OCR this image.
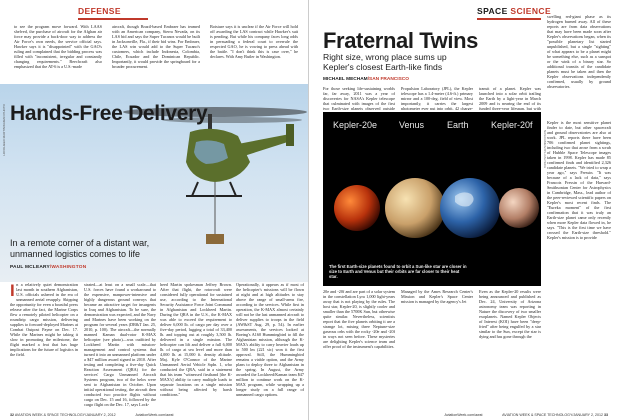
DEFENSE
to see the program move forward. With LAAS shelved, the purchase of aircraft for the Afghan air force may provide a back-door way to address the Air Force's own needs, the service official says. Hawker says it is "disappointed" with the GAO's ruling and complained that the bidding process was filled with "inconsistent, irregular and constantly changing requirements." Beechcraft also emphasized that the AT-6 is a U.S.-made
aircraft, though Brazil-based Embraer has teamed with an American company, Sierra Nevada, on its LAS bid and says the Super Tucanos would be built in Jacksonville, Fla., if their bid wins. For Embraer, the LAS win would add to the Super Tucano's customers, which include Indonesia, Colombia, Chile, Ecuador and the Dominican Republic. Importantly, it would provide the springboard for a broader procurement.
Boisture says it is unclear if the Air Force will hold off awarding the LAS contract while Hawker's suit is pending. But while his company faces long odds in persuading a federal court to overrule the respected GAO, he is vowing to press ahead with the battle. "I don't think this is case over," he declares. With Amy Butler in Washington.
LOCKHEED MARTIN/KAMAN PHOTO Hands-Free Delivery
In a remote corner of a distant war, unmanned logistics comes to life
PAUL MCLEARY/WASHINGTON
In a relatively quiet demonstration last month in southern Afghanistan, U.S. officials ushered in the era of unmanned aerial resupply. Skipping the opportunity for even a boastful press release after the fact, the Marine Corps flew a remotely piloted helicopter on a roundtrip cargo mission, delivering supplies to forward-deployed Marines at Combat Outpost Payne on Dec. 17. While the Marines might be taking it slow in promoting the milestone, the flight marked a feat that has huge implications for the future of logistics in the field.
strated—at least on a small scale—that U.S. forces have found a workaround to the expensive, manpower-intensive and highly dangerous ground convoys that became an attractive target for insurgents in Iraq and Afghanistan. To be sure, the demonstration was expected, and the Navy and Marines have been working on the program for several years (DR&T Jan. 25, 2010, p. 100). The aircraft—the normally manned Kaman dual-rotor K-MAX helicopter (see photo)—was outfitted by Lockheed Martin with mission-management and control systems that turned it into an unmanned platform under a $47 million award signed in 2010. After testing and completing a five-day Quick Reaction Assessment (QRA) for the services' Cargo Unmanned Aircraft Systems program, two of the helos were sent to Afghanistan in October. Upon initial operational testing, the aircraft then conducted two practice flights without cargo on Dec. 15 and 16, followed by the cargo flight on the Dec. 17, says Lock-
heed Martin spokesman Jeffrey Brown. After that flight, the rotorcraft were considered fully operational for sustained use, according to the International Security Assistance Force Joint Command in Afghanistan and Lockheed Martin. During the QRA in the U.S., the K-MAX was able to exceed the requirement to deliver 6,000 lb. of cargo per day over a five-day period, lugging a total of 33,400 lb. and topping out at roughly 3,500 lb. delivered in a single mission. The helicopter can lift and deliver a full 6,000 lb. of cargo at sea level and more than 4,000 lb. at 15,000 ft. density altitude. Maj. Kyle O'Connor of the Marine Unmanned Aerial Vehicle Sqdn. 1, who conducted the QRA, said in a statement that his team "witnessed firsthand [the K-MAX's] ability to carry multiple loads to separate locations on a single mission without being affected by harsh conditions."
Operationally, it appears as if most of the helicopter's missions will be flown at night and at high altitudes to stay above the range of small-arms fire, according to the services. While first in operation, the K-MAX almost certainly will not be the last unmanned aircraft to deliver supplies to troops in the field (AW&ST Aug. 29, p. 54). In earlier assessments, the services looked at Boeing's A160 Hummingbird to fill the Afghanistan mission, although the K-MAX's ability to carry heavier loads up to 500 lm (221 sic) won it the first approval. Still, the Hummingbird remains a viable option, and the Army plans to deploy three to Afghanistan in the spring. In August, the Army awarded the Lockheed/Kaman team $47 million to continue work on the K-MAX program, while wrapping up a longer study on a full range of unmanned cargo options.
32 AVIATION WEEK & SPACE TECHNOLOGY/JANUARY 2, 2012	AviationWeek.com/awst
SPACE SCIENCE
Fraternal Twins
Right size, wrong place sums up Kepler's closest Earth-like finds
MICHAEL MECHAM/SAN FRANCISCO
swelling red-giant phase as its hydrogen burned away. All of these reports are from data observations that may have been made soon after Kepler's observations began, when its "possible planetary list started unpublished, but a single "sighting" of what appears to be a planet might be something else, such as a sunspot or the wink of a binary star. So additional transits of the candidate planets must be taken and then the Kepler observations independently confirmed, usually by ground observatories.
For those seeking life-sustaining worlds far, far away, 2011 was a year of discoveries for NASA's Kepler telescope that culminated with images of the first two Earth-size planets observed outside
Propulsion Laboratory (JPL), the Kepler telescope has a 1.4-meter (4.6-ft.) primary mirror and a 100-deg. field of view. Most importantly, it carries the largest photometer ever put into orbit, 42 charge-
transit of a planet. Kepler was launched into a solar orbit trailing the Earth by a light-year in March 2009 and is nearing the end of its funded three-year lifespan, but with
Kepler-20e Venus	Earth Kepler-20f
The first Earth-size planets found to orbit a Sun-like star are closer in size to Earth and Venus but their orbits are far closer to their heat star.
NASA/AMES/JPL-CALTECH
20e and -20f and are part of a solar system in the constellation Lyra 1,000 light-years away that is not playing by the rules. The host star, Kepler-20, is slightly cooler and smaller than the 5700K Sun, but otherwise quite similar. Nevertheless, scientists report that the five planets orbiting it are a strange lot, mixing three Neptune-size gaseous orbs with the rocky -20e and -20f in ways not seen before. These mysteries are delighting Kepler's science team and offer proof of the instrument's capabilities.
Managed by the Ames Research Center's Mission and Kepler's Space Center mission is managed by the agency's Jet
Even as the Kepler-20 results were being announced and published as Dec. 24, University of Arizona astronomy team was reporting in Nature the discovery of two smaller exoplanets. Named Kepler Objects of Interest (KOI) have been "deep-fried" after being engulfed by a star similar to the Sun, except the star is dying and has gone through the
Kepler is the most sensitive planet finder to date, but other spacecraft and ground observatories are also at work. JPL reports there have been 706 confirmed planet sightings, including two that arose from a scrub of Hubble Space Telescope images taken in 1998. Kepler has made 85 confirmed finds and identified 2,326 candidate planets. "We tried to wrap a year ago," says Fressin. "It was because of a lack of data," says Francois Fressin of the Harvard-Smithsonian Center for Astrophysics in Cambridge, Mass., lead author of the peer-reviewed scientific papers on Kepler's most recent finds. The "Eureka moment" of the first confirmation that it was truly an Earth-size planet came only recently when more Kepler data flowed in, he says. "This is the first time we have crossed the Earth-size threshold." Kepler's mission is to provide
AviationWeek.com/awst	AVIATION WEEK & SPACE TECHNOLOGY/JANUARY 2, 2012 33
